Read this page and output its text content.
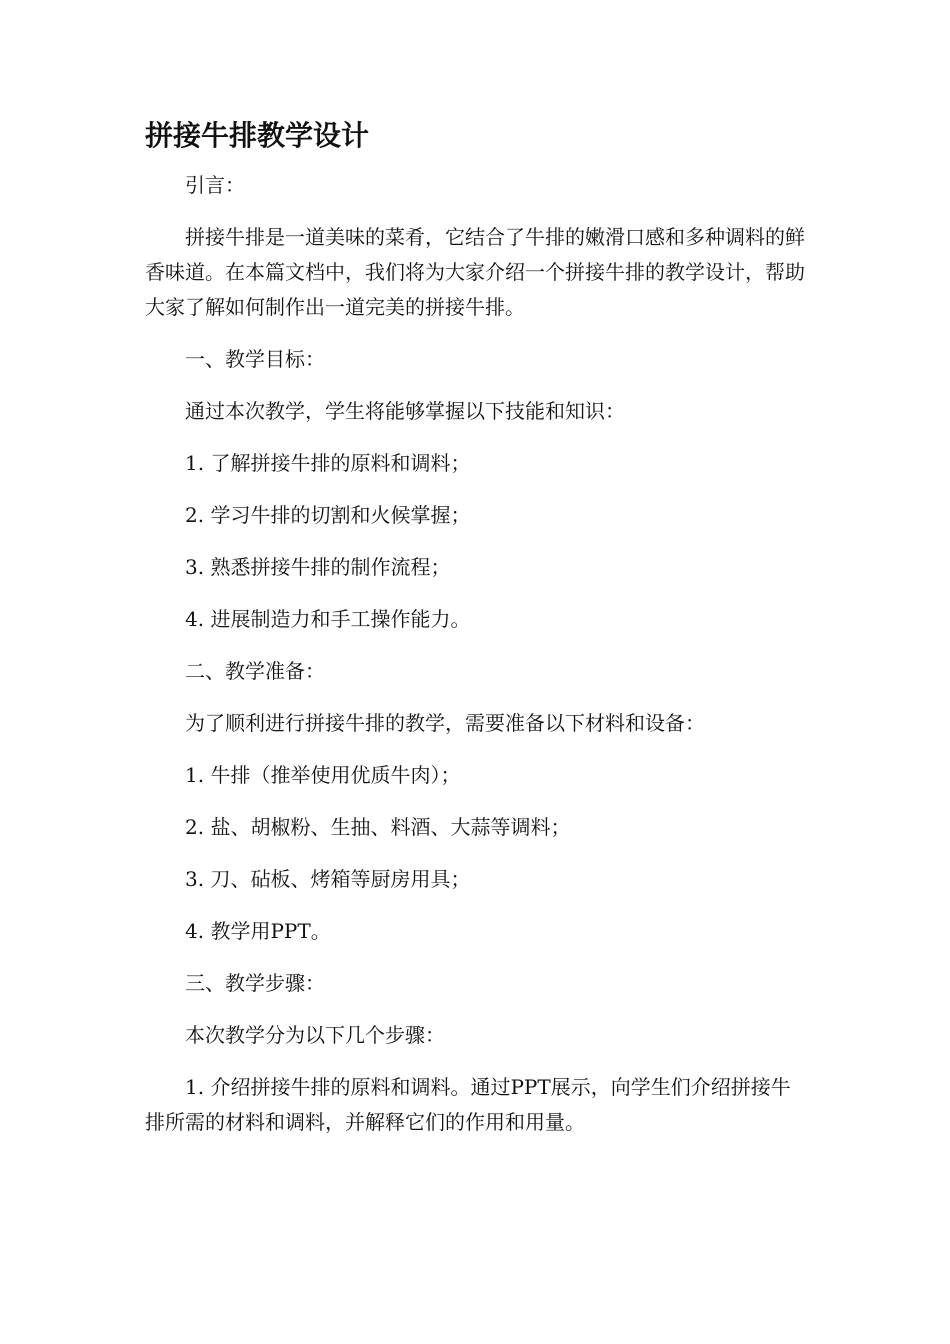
拼接牛排教学设计

引言：

拼接牛排是一道美味的菜肴，它结合了牛排的嫩滑口感和多种调料的鲜香味道。在本篇文档中，我们将为大家介绍一个拼接牛排的教学设计，帮助大家了解如何制作出一道完美的拼接牛排。

一、教学目标：

通过本次教学，学生将能够掌握以下技能和知识：

1. 了解拼接牛排的原料和调料；

2. 学习牛排的切割和火候掌握；

3. 熟悉拼接牛排的制作流程；

4. 进展制造力和手工操作能力。

二、教学准备：

为了顺利进行拼接牛排的教学，需要准备以下材料和设备：

1. 牛排（推举使用优质牛肉）；

2. 盐、胡椒粉、生抽、料酒、大蒜等调料；

3. 刀、砧板、烤箱等厨房用具；

4. 教学用PPT。

三、教学步骤：

本次教学分为以下几个步骤：

1. 介绍拼接牛排的原料和调料。通过PPT展示，向学生们介绍拼接牛排所需的材料和调料，并解释它们的作用和用量。
